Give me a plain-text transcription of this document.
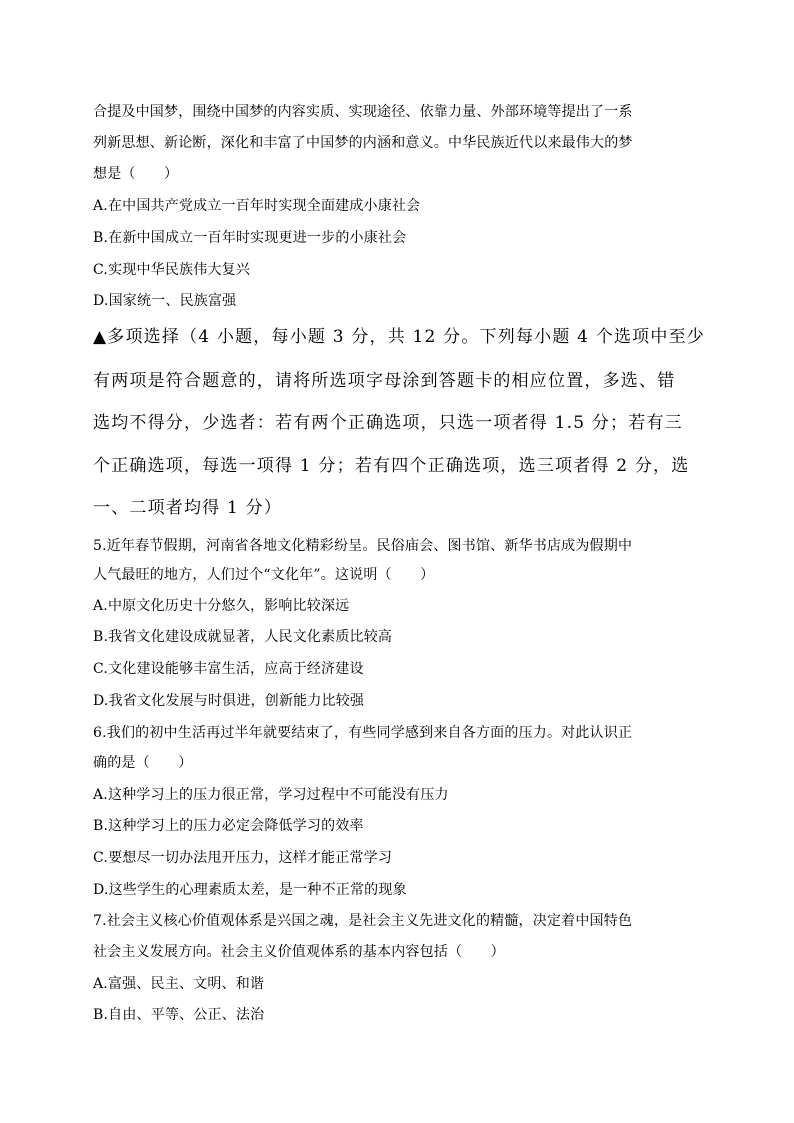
合提及中国梦，围绕中国梦的内容实质、实现途径、依靠力量、外部环境等提出了一系
列新思想、新论断，深化和丰富了中国梦的内涵和意义。中华民族近代以来最伟大的梦
想是（　　）
A.在中国共产党成立一百年时实现全面建成小康社会
B.在新中国成立一百年时实现更进一步的小康社会
C.实现中华民族伟大复兴
D.国家统一、民族富强
▲多项选择（4 小题，每小题 3 分，共 12 分。下列每小题 4 个选项中至少
有两项是符合题意的，请将所选项字母涂到答题卡的相应位置，多选、错
选均不得分，少选者：若有两个正确选项，只选一项者得 1.5 分；若有三
个正确选项，每选一项得 1 分；若有四个正确选项，选三项者得 2 分，选
一、二项者均得 1 分）
5.近年春节假期，河南省各地文化精彩纷呈。民俗庙会、图书馆、新华书店成为假期中
人气最旺的地方，人们过个“文化年”。这说明（　　）
A.中原文化历史十分悠久，影响比较深远
B.我省文化建设成就显著，人民文化素质比较高
C.文化建设能够丰富生活，应高于经济建设
D.我省文化发展与时俱进，创新能力比较强
6.我们的初中生活再过半年就要结束了，有些同学感到来自各方面的压力。对此认识正
确的是（　　）
A.这种学习上的压力很正常，学习过程中不可能没有压力
B.这种学习上的压力必定会降低学习的效率
C.要想尽一切办法甩开压力，这样才能正常学习
D.这些学生的心理素质太差，是一种不正常的现象
7.社会主义核心价值观体系是兴国之魂，是社会主义先进文化的精髓，决定着中国特色
社会主义发展方向。社会主义价值观体系的基本内容包括（　　）
A.富强、民主、文明、和谐
B.自由、平等、公正、法治
